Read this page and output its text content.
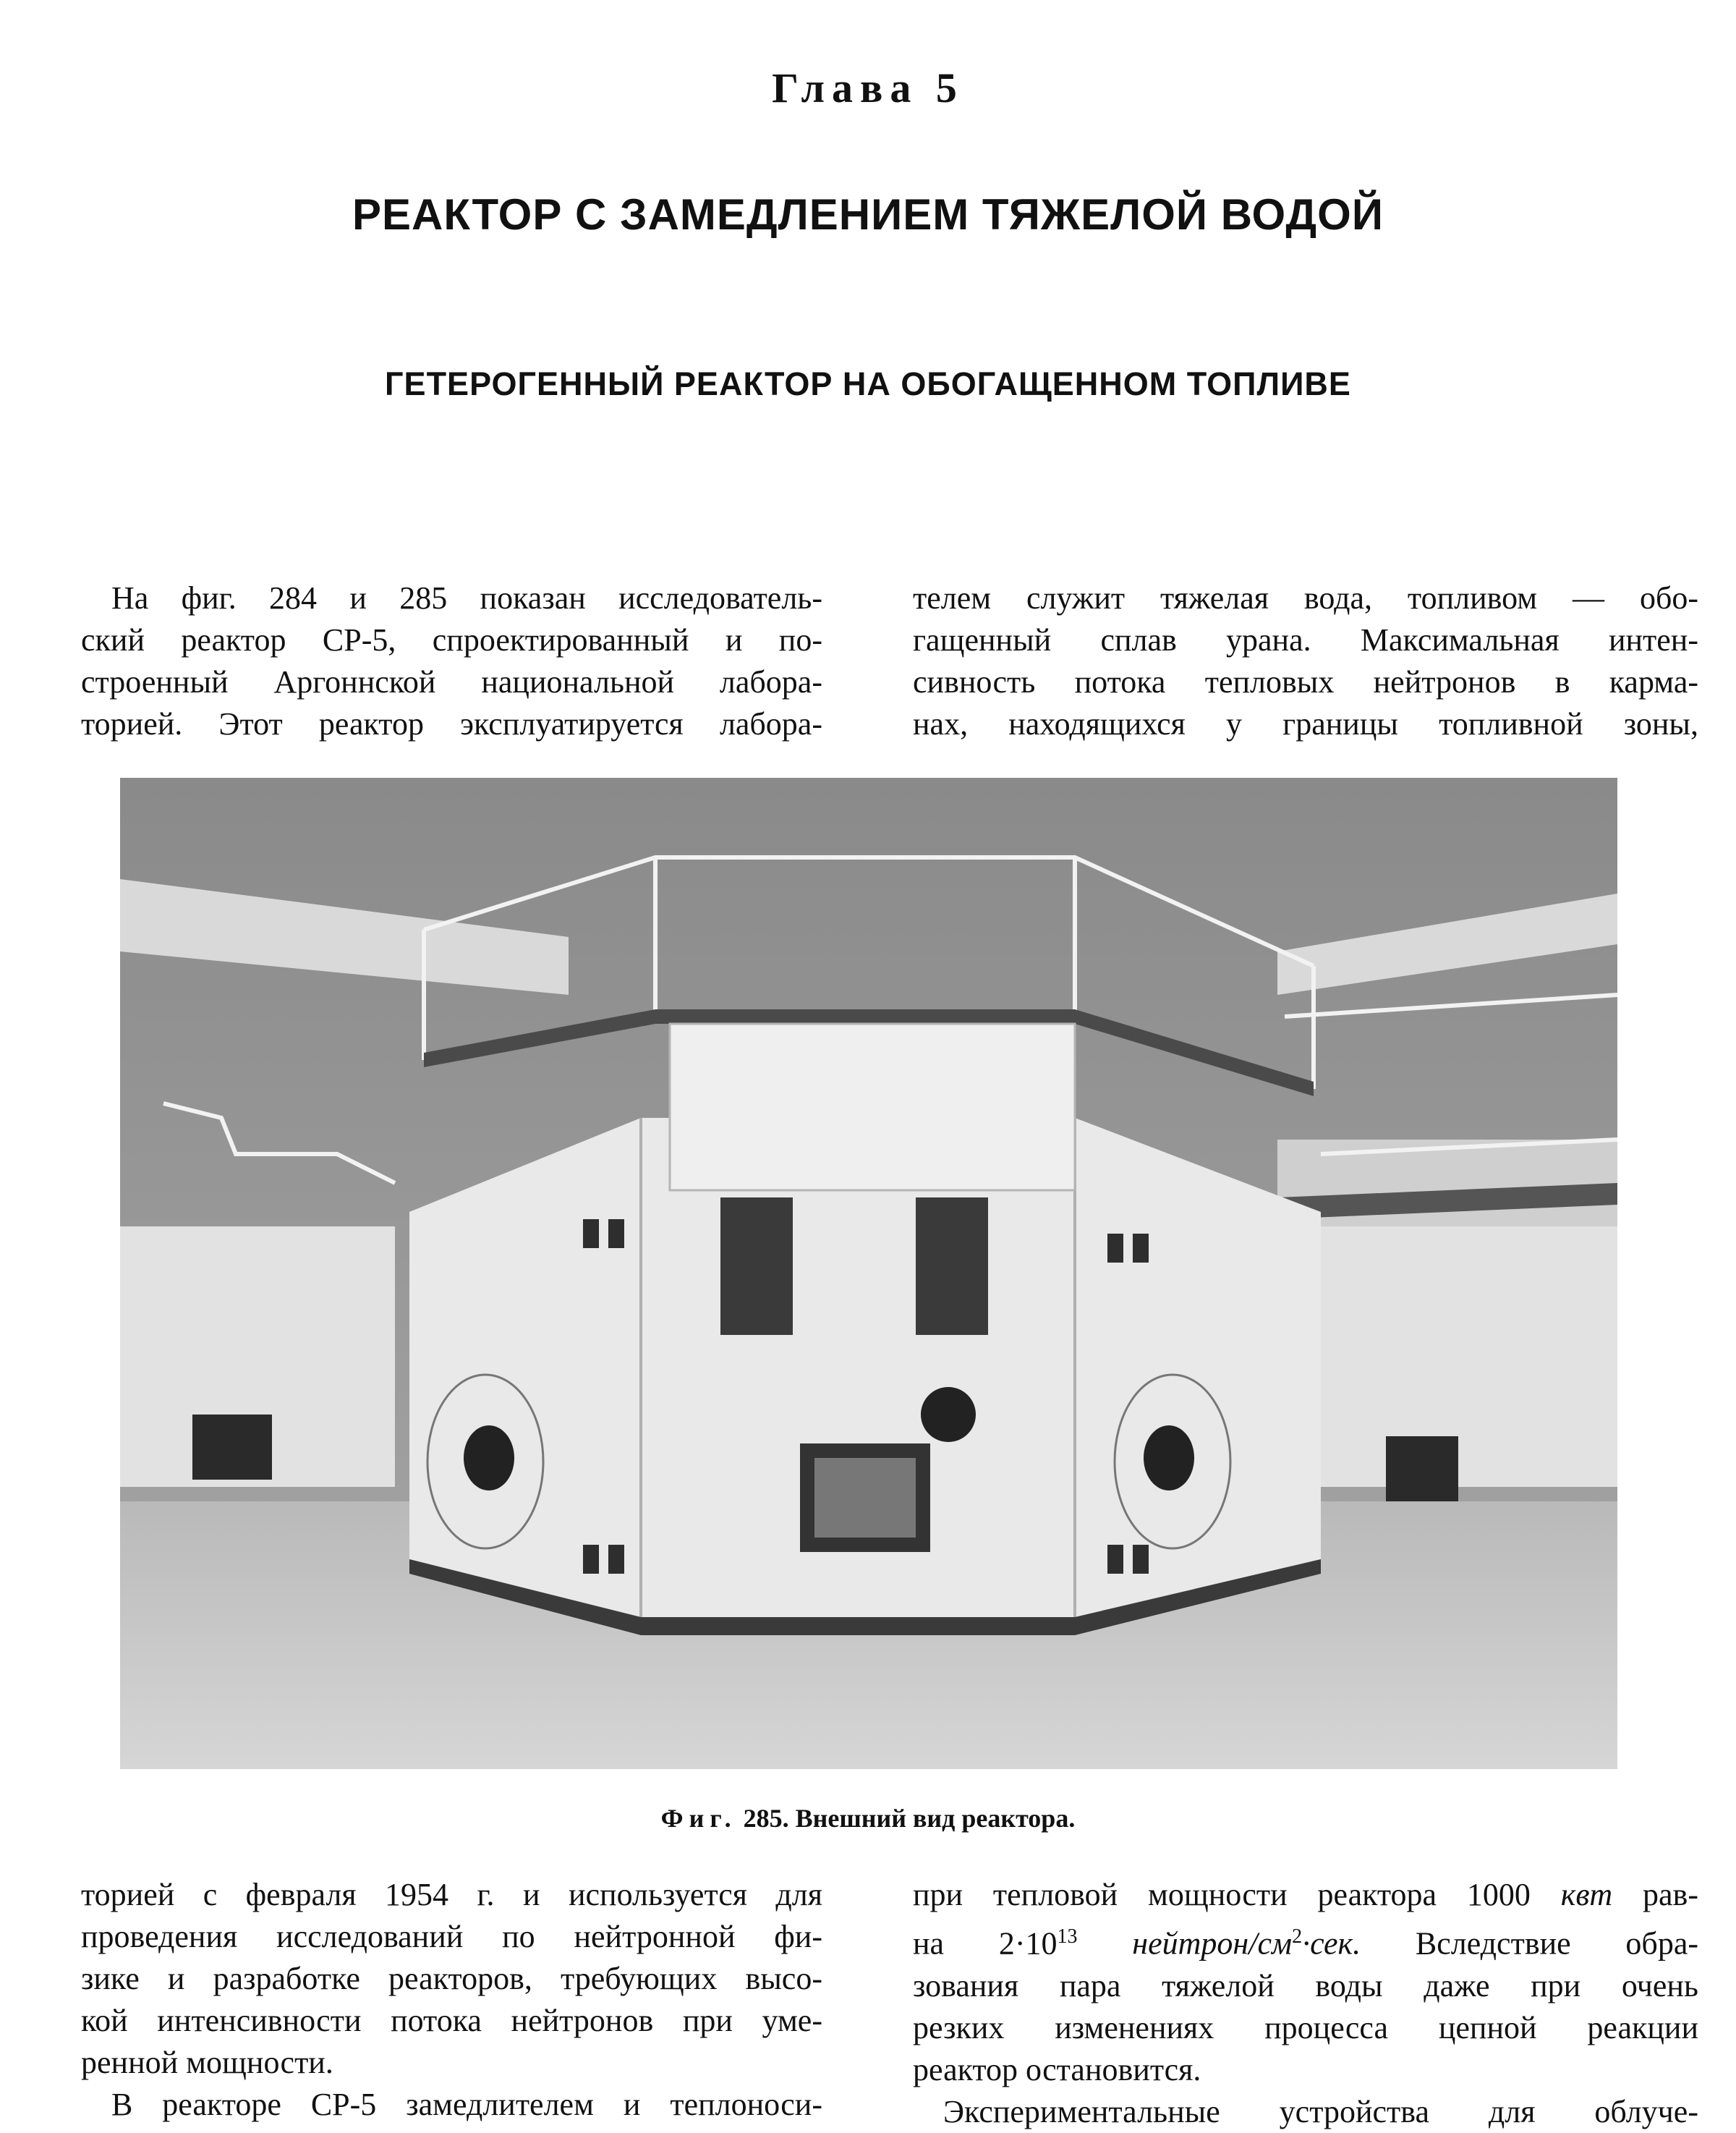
Глава 5
РЕАКТОР С ЗАМЕДЛЕНИЕМ ТЯЖЕЛОЙ ВОДОЙ
ГЕТЕРОГЕННЫЙ РЕАКТОР НА ОБОГАЩЕННОМ ТОПЛИВЕ
На фиг. 284 и 285 показан исследователь-
ский реактор СР-5, спроектированный и по-
строенный Аргоннской национальной лабора-
торией. Этот реактор эксплуатируется лабора-
телем служит тяжелая вода, топливом — обо-
гащенный сплав урана. Максимальная интен-
сивность потока тепловых нейтронов в карма-
нах, находящихся у границы топливной зоны,
Фиг. 285. Внешний вид реактора.
торией с февраля 1954 г. и используется для
проведения исследований по нейтронной фи-
зике и разработке реакторов, требующих высо-
кой интенсивности потока нейтронов при уме-
ренной мощности.
В реакторе СР-5 замедлителем и теплоноси-
при тепловой мощности реактора 1000 квт рав-
на $2\cdot 10^{13}$ нейтрон/$см^2\cdot сек$. Вследствие обра-
зования пара тяжелой воды даже при очень
резких изменениях процесса цепной реакции
реактор остановится.
Экспериментальные устройства для облуче-
